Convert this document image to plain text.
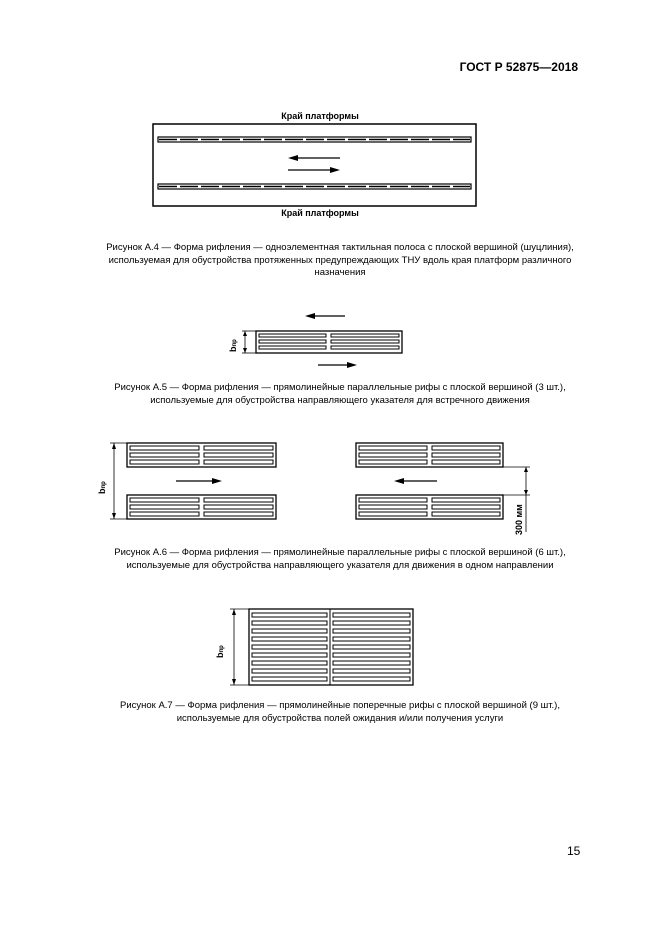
ГОСТ Р 52875—2018
Край платформы
Край платформы
Рисунок А.4 — Форма рифления — одноэлементная тактильная полоса с плоской вершиной (шуцлиния),
используемая для обустройства протяженных предупреждающих ТНУ вдоль края платформ различного
назначения
bпр
Рисунок А.5 — Форма рифления — прямолинейные параллельные рифы с плоской вершиной (3 шт.),
используемые для обустройства направляющего указателя для встречного движения
bпр
300 мм
Рисунок А.6 — Форма рифления — прямолинейные параллельные рифы с плоской вершиной (6 шт.),
используемые для обустройства направляющего указателя для движения в одном направлении
bпр
Рисунок А.7 — Форма рифления — прямолинейные поперечные рифы с плоской вершиной (9 шт.),
используемые для обустройства полей ожидания и/или получения услуги
15
